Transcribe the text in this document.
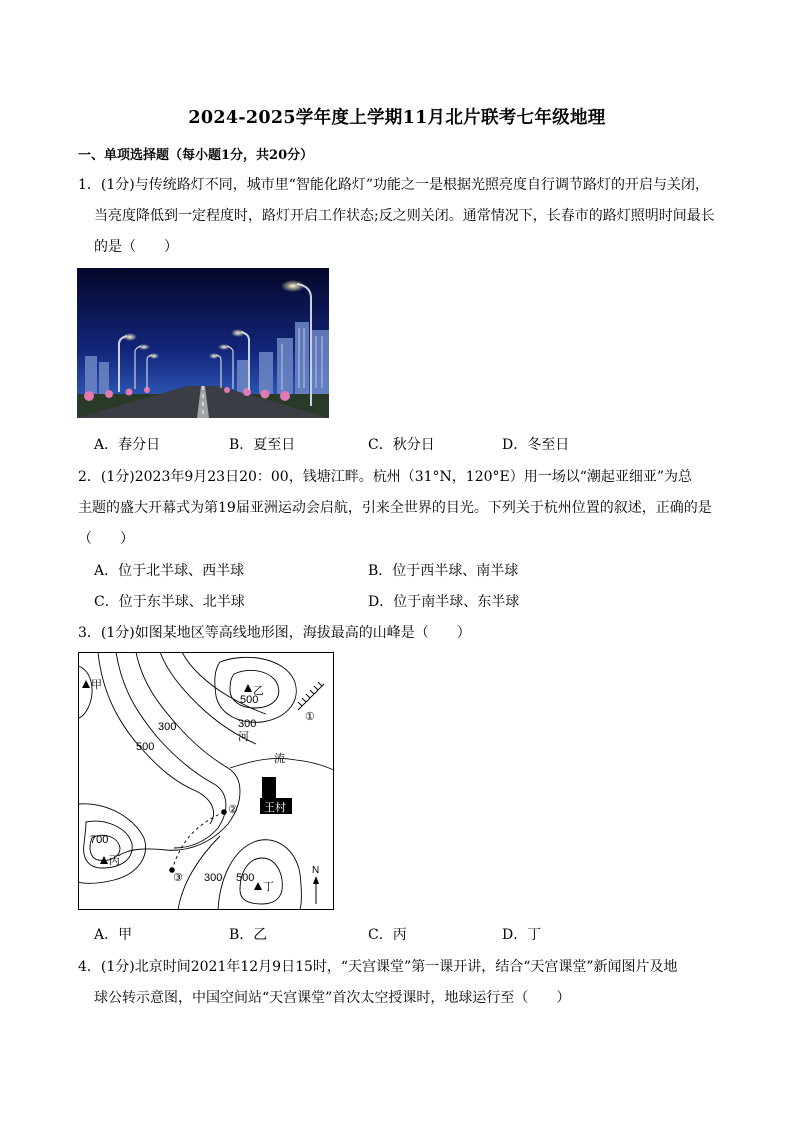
2024-2025学年度上学期11月北片联考七年级地理
一、单项选择题（每小题1分，共20分）
1．(1分)与传统路灯不同，城市里“智能化路灯”功能之一是根据光照亮度自行调节路灯的开启与关闭，
当亮度降低到一定程度时，路灯开启工作状态;反之则关闭。通常情况下，长春市的路灯照明时间最长
的是（　　）
A．春分日	B．夏至日	C．秋分日	D．冬至日
2．(1分)2023年9月23日20：00，钱塘江畔。杭州（31°N，120°E）用一场以“潮起亚细亚”为总
主题的盛大开幕式为第19届亚洲运动会启航，引来全世界的目光。下列关于杭州位置的叙述，正确的是
（　　）
A．位于北半球、西半球	B．位于西半球、南半球
C．位于东半球、北半球	D．位于南半球、东半球
3．(1分)如图某地区等高线地形图，海拔最高的山峰是（　　）
王村
甲	乙
丙
丁
300
500
500
300
700
300 500
河
流
①
②
③
N
A．甲	B．乙	C．丙	D．丁
4．(1分)北京时间2021年12月9日15时，“天宫课堂”第一课开讲，结合“天宫课堂”新闻图片及地
球公转示意图，中国空间站“天宫课堂”首次太空授课时，地球运行至（　　）
